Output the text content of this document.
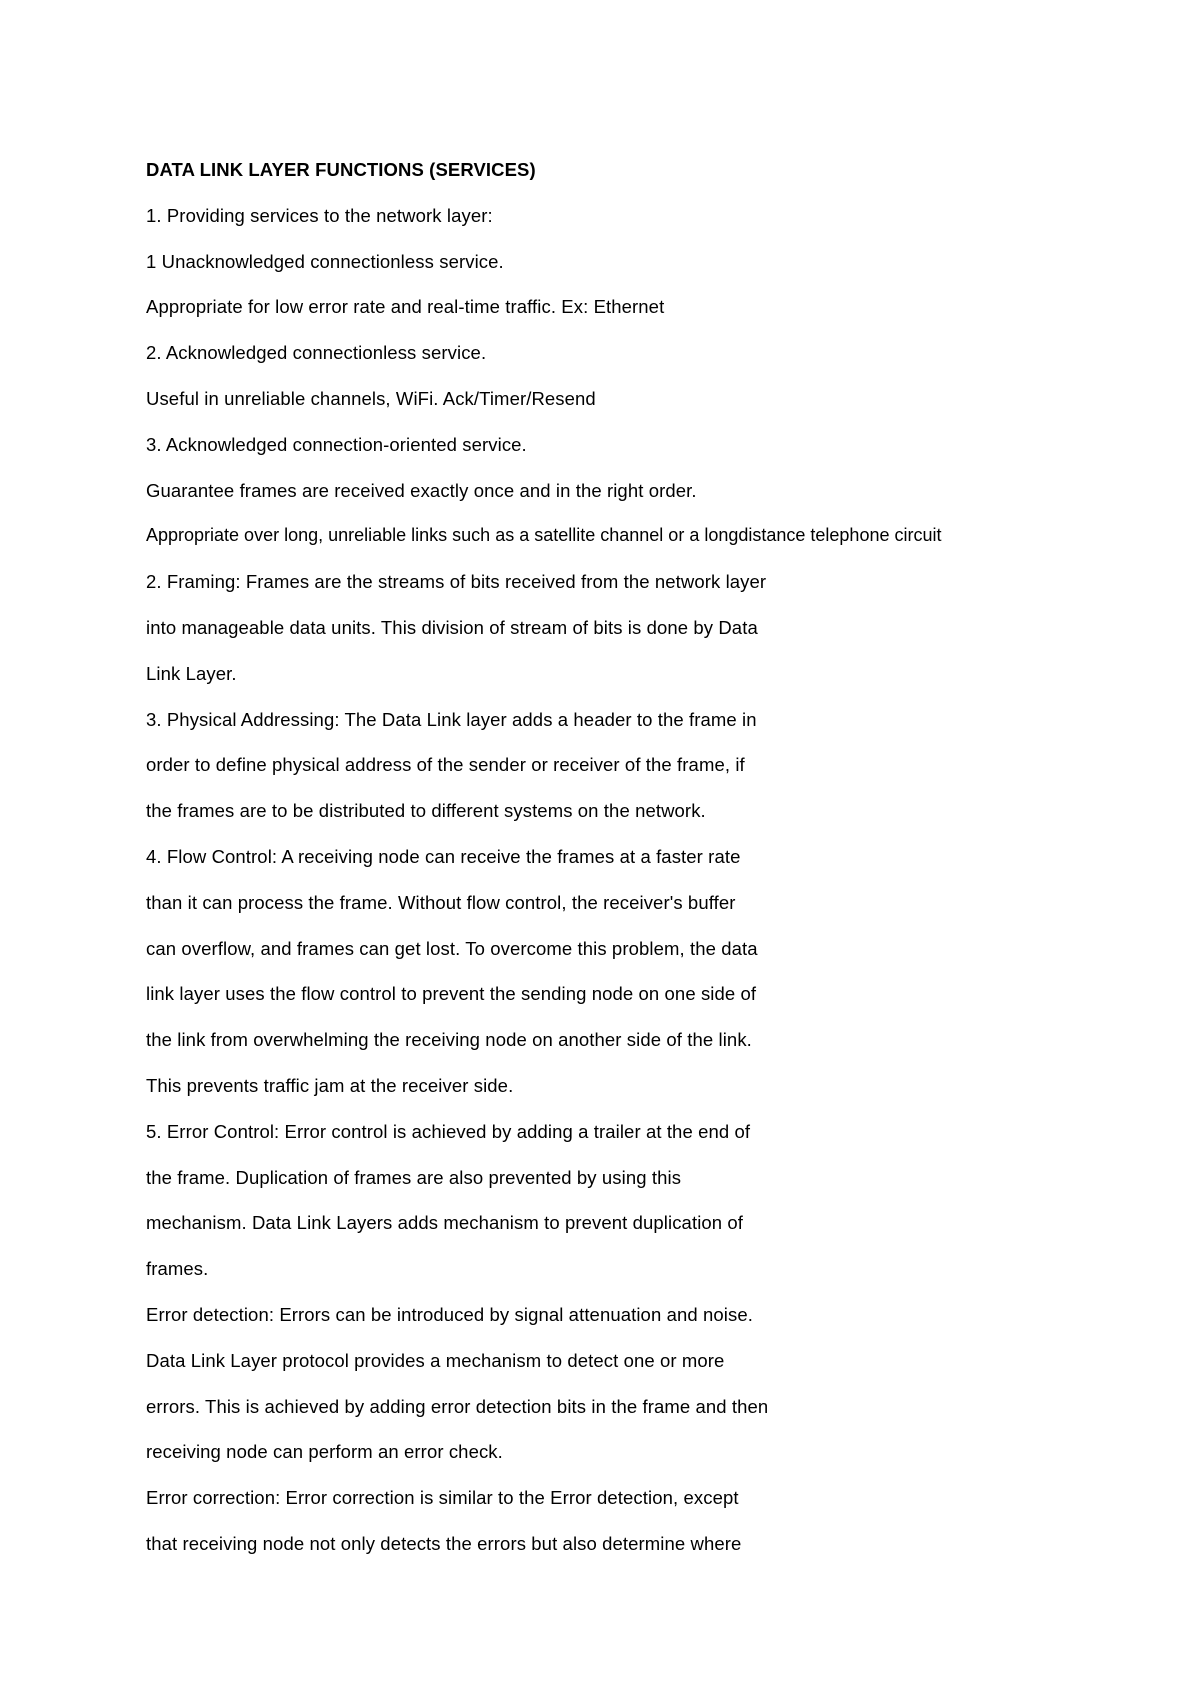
DATA LINK LAYER FUNCTIONS (SERVICES)
1. Providing services to the network layer:
1 Unacknowledged connectionless service.
Appropriate for low error rate and real-time traffic. Ex: Ethernet
2. Acknowledged connectionless service.
Useful in unreliable channels, WiFi. Ack/Timer/Resend
3. Acknowledged connection-oriented service.
Guarantee frames are received exactly once and in the right order.
Appropriate over long, unreliable links such as a satellite channel or a longdistance telephone circuit
2. Framing: Frames are the streams of bits received from the network layer
into manageable data units. This division of stream of bits is done by Data
Link Layer.
3. Physical Addressing: The Data Link layer adds a header to the frame in
order to define physical address of the sender or receiver of the frame, if
the frames are to be distributed to different systems on the network.
4. Flow Control: A receiving node can receive the frames at a faster rate
than it can process the frame. Without flow control, the receiver's buffer
can overflow, and frames can get lost. To overcome this problem, the data
link layer uses the flow control to prevent the sending node on one side of
the link from overwhelming the receiving node on another side of the link.
This prevents traffic jam at the receiver side.
5. Error Control: Error control is achieved by adding a trailer at the end of
the frame. Duplication of frames are also prevented by using this
mechanism. Data Link Layers adds mechanism to prevent duplication of
frames.
Error detection: Errors can be introduced by signal attenuation and noise.
Data Link Layer protocol provides a mechanism to detect one or more
errors. This is achieved by adding error detection bits in the frame and then
receiving node can perform an error check.
Error correction: Error correction is similar to the Error detection, except
that receiving node not only detects the errors but also determine where
